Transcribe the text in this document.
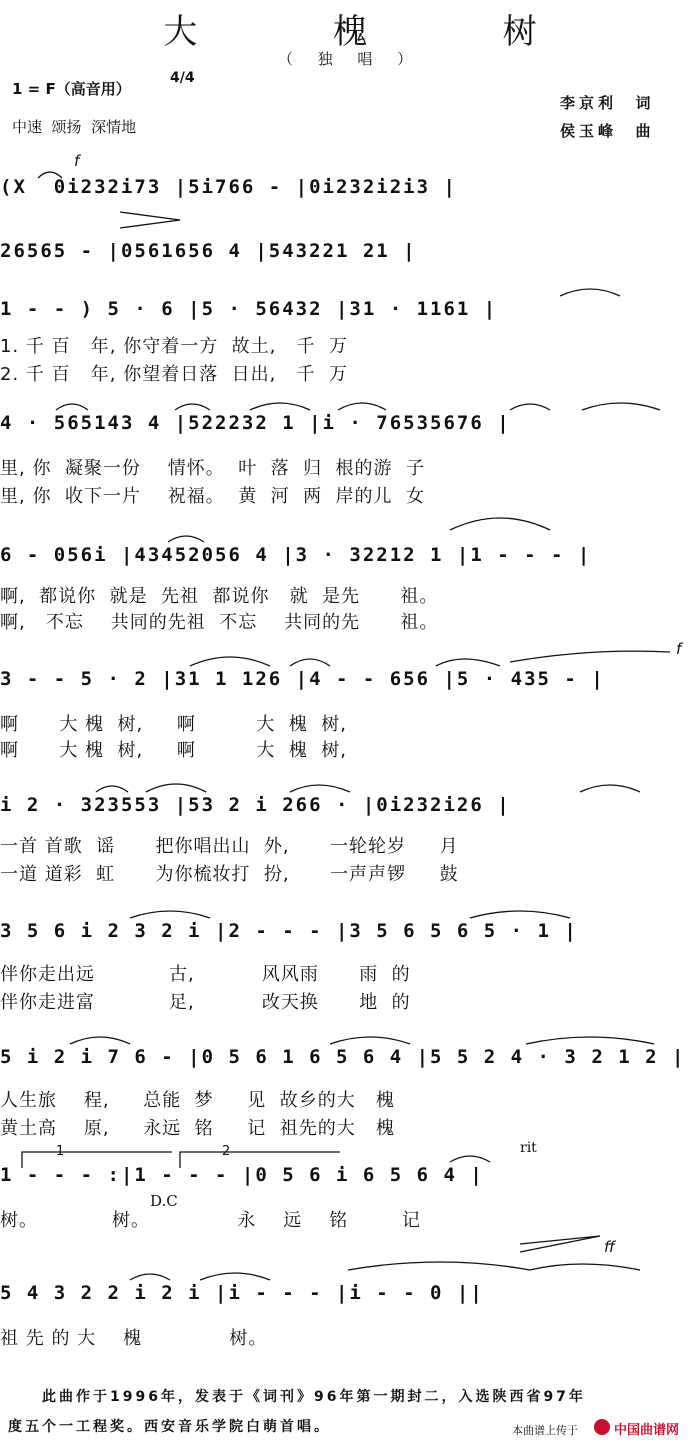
大  槐  树
（ 独 唱 ）
1 = F（高音用）
4/4
中速  颂扬  深情地
李京利  词
侯玉峰  曲
f
f
ff
1	2
D.C
rit
(X  0i232i73 |5i766 - |0i232i2i3 |
26565 - |0561656 4 |543221 21 |
1 - - ) 5 · 6 |5 · 56432 |31 · 1161 |
1. 千 百   年, 你守着一方  故土,   千  万
2. 千 百   年, 你望着日落  日出,   千  万
4 · 565143 4 |522232 1 |i · 76535676 |
里, 你  凝聚一份    情怀。  叶  落  归  根的游  子
里, 你  收下一片    祝福。  黄  河  两  岸的儿  女
6 - 056i |43452056 4 |3 · 32212 1 |1 - - - |
啊,  都说你  就是  先祖  都说你   就  是先      祖。
啊,   不忘    共同的先祖  不忘    共同的先      祖。
3 - - 5 · 2 |31 1 126 |4 - - 656 |5 · 435 - |
啊      大 槐  树,     啊         大  槐  树,
啊      大 槐  树,     啊         大  槐  树,
i 2 · 323553 |53 2 i 266 · |0i232i26 |
一首 首歌  谣      把你唱出山  外,      一轮轮岁     月
一道 道彩  虹      为你梳妆打  扮,      一声声锣     鼓
3 5 6 i 2 3 2 i |2 - - - |3 5 6 5 6 5 · 1 |
伴你走出远           古,          风风雨      雨  的
伴你走进富           足,          改天换      地  的
5 i 2 i 7 6 - |0 5 6 1 6 5 6 4 |5 5 2 4 · 3 2 1 2 |
人生旅    程,     总能  梦     见  故乡的大   槐
黄土高    原,     永远  铭     记  祖先的大   槐
1 - - - :|1 - - - |0 5 6 i 6 5 6 4 |
树。           树。             永    远    铭        记
5 4 3 2 2 i 2 i |i - - - |i - - 0 ||
祖 先 的 大    槐             树。
此曲作于1996年，发表于《词刊》96年第一期封二，入选陕西省97年
度五个一工程奖。西安音乐学院白萌首唱。	本曲谱上传于	中国曲谱网
